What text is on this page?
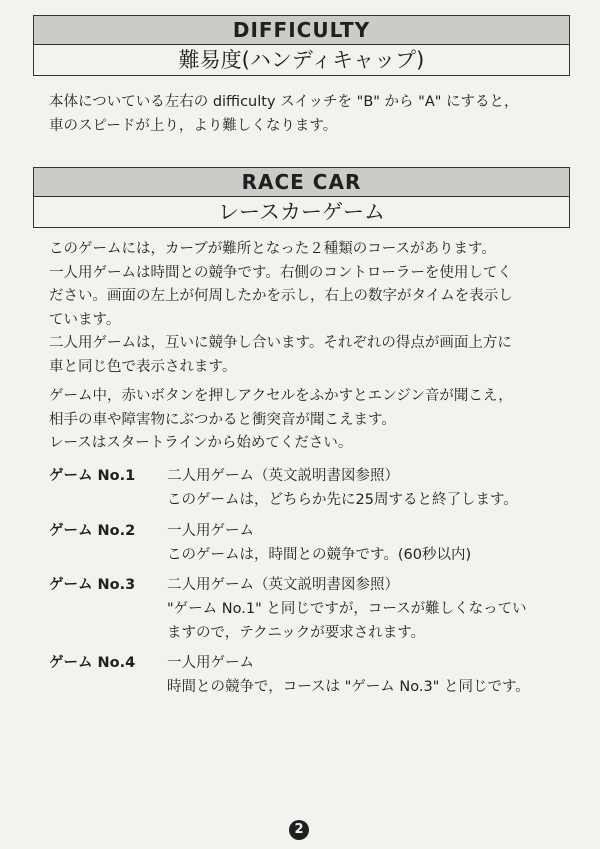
DIFFICULTY
難易度(ハンディキャップ)
本体についている左右の difficulty スイッチを "B" から "A" にすると，
車のスピードが上り，より難しくなります。
RACE CAR
レースカーゲーム
このゲームには，カーブが難所となった２種類のコースがあります。
一人用ゲームは時間との競争です。右側のコントローラーを使用してく
ださい。画面の左上が何周したかを示し，右上の数字がタイムを表示し
ています。
二人用ゲームは，互いに競争し合います。それぞれの得点が画面上方に
車と同じ色で表示されます。
ゲーム中，赤いボタンを押しアクセルをふかすとエンジン音が聞こえ，
相手の車や障害物にぶつかると衝突音が聞こえます。
レースはスタートラインから始めてください。
ゲーム No.1 二人用ゲーム（英文説明書図参照）
このゲームは，どちらか先に25周すると終了します。
ゲーム No.2 一人用ゲーム
このゲームは，時間との競争です。(60秒以内)
ゲーム No.3 二人用ゲーム（英文説明書図参照）
"ゲーム No.1" と同じですが，コースが難しくなってい
ますので，テクニックが要求されます。
ゲーム No.4 一人用ゲーム
時間との競争で，コースは "ゲーム No.3" と同じです。
2
